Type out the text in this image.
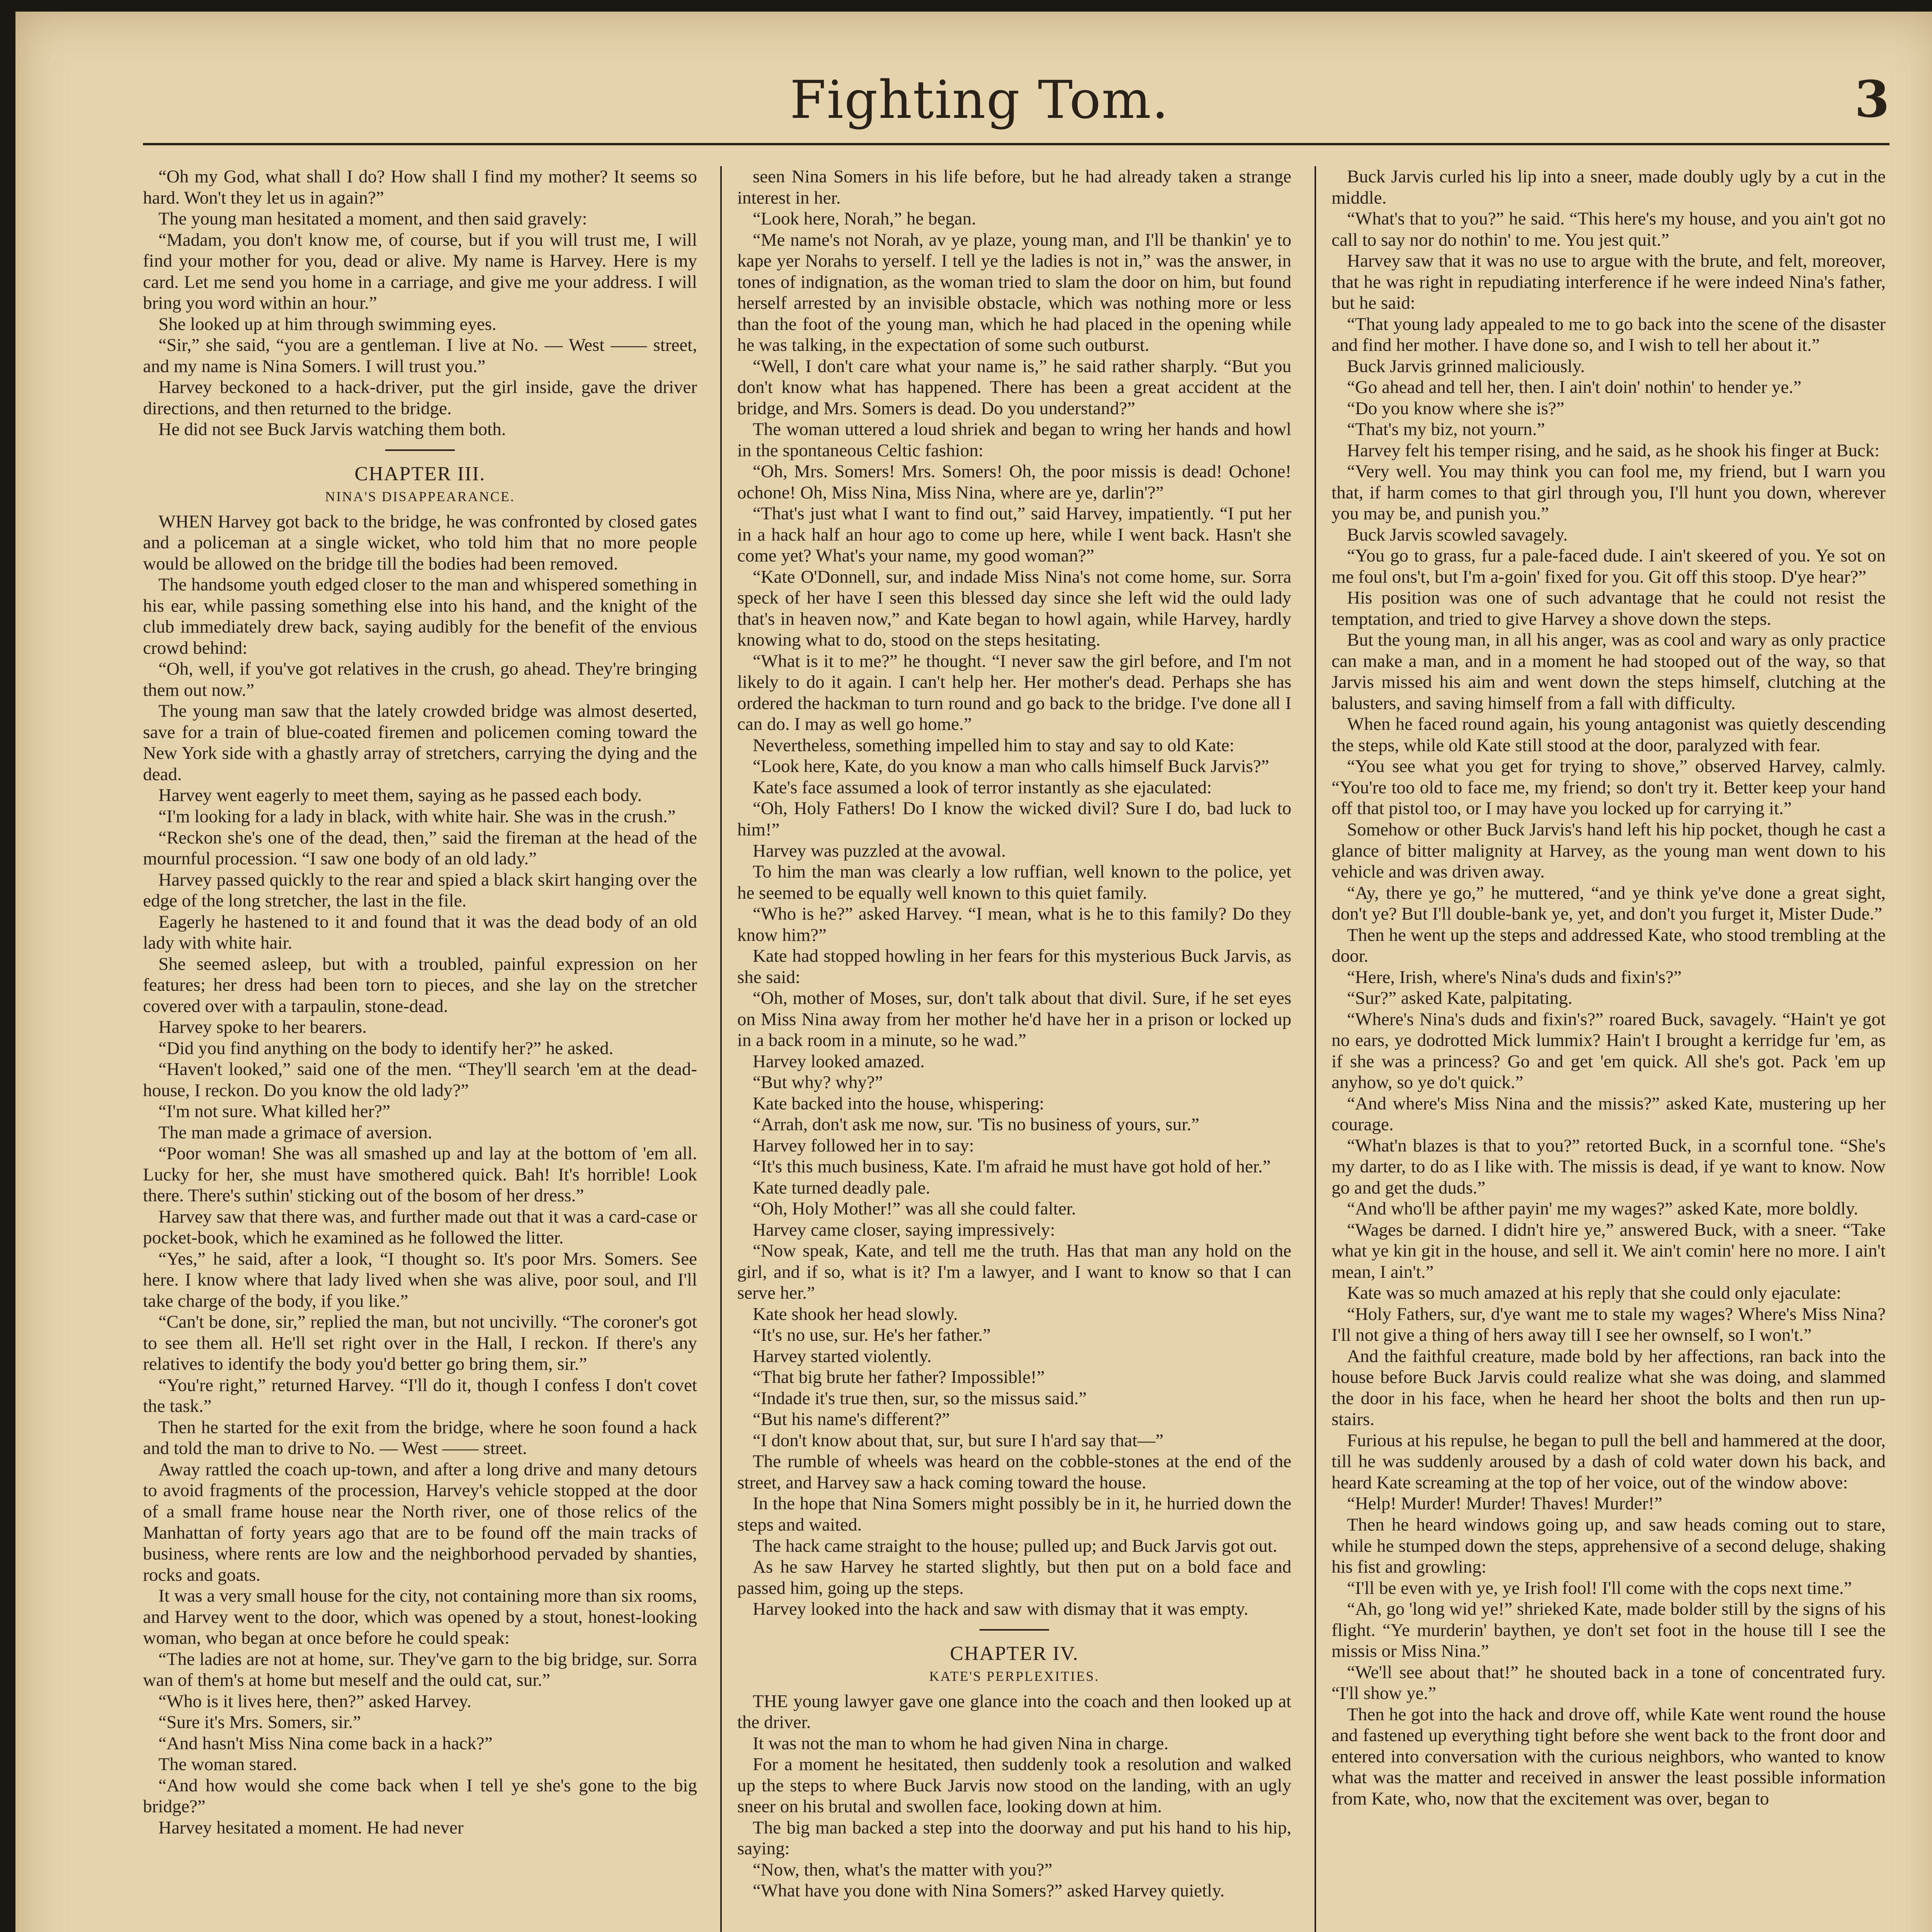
Fighting Tom.	3

“Oh my God, what shall I do? How shall I find my mother? It seems so hard. Won't they let us in again?”

The young man hesitated a moment, and then said gravely:

“Madam, you don't know me, of course, but if you will trust me, I will find your mother for you, dead or alive. My name is Harvey. Here is my card. Let me send you home in a carriage, and give me your address. I will bring you word within an hour.”

She looked up at him through swimming eyes.

“Sir,” she said, “you are a gentleman. I live at No. — West —— street, and my name is Nina Somers. I will trust you.”

Harvey beckoned to a hack-driver, put the girl inside, gave the driver directions, and then returned to the bridge.

He did not see Buck Jarvis watching them both.

CHAPTER III.
NINA'S DISAPPEARANCE.

WHEN Harvey got back to the bridge, he was confronted by closed gates and a policeman at a single wicket, who told him that no more people would be allowed on the bridge till the bodies had been removed.

The handsome youth edged closer to the man and whispered something in his ear, while passing something else into his hand, and the knight of the club immediately drew back, saying audibly for the benefit of the envious crowd behind:

“Oh, well, if you've got relatives in the crush, go ahead. They're bringing them out now.”

The young man saw that the lately crowded bridge was almost deserted, save for a train of blue-coated firemen and policemen coming toward the New York side with a ghastly array of stretchers, carrying the dying and the dead.

Harvey went eagerly to meet them, saying as he passed each body.

“I'm looking for a lady in black, with white hair. She was in the crush.”

“Reckon she's one of the dead, then,” said the fireman at the head of the mournful procession. “I saw one body of an old lady.”

Harvey passed quickly to the rear and spied a black skirt hanging over the edge of the long stretcher, the last in the file.

Eagerly he hastened to it and found that it was the dead body of an old lady with white hair.

She seemed asleep, but with a troubled, painful expression on her features; her dress had been torn to pieces, and she lay on the stretcher covered over with a tarpaulin, stone-dead.

Harvey spoke to her bearers.

“Did you find anything on the body to identify her?” he asked.

“Haven't looked,” said one of the men. “They'll search 'em at the dead-house, I reckon. Do you know the old lady?”

“I'm not sure. What killed her?”

The man made a grimace of aversion.

“Poor woman! She was all smashed up and lay at the bottom of 'em all. Lucky for her, she must have smothered quick. Bah! It's horrible! Look there. There's suthin' sticking out of the bosom of her dress.”

Harvey saw that there was, and further made out that it was a card-case or pocket-book, which he examined as he followed the litter.

“Yes,” he said, after a look, “I thought so. It's poor Mrs. Somers. See here. I know where that lady lived when she was alive, poor soul, and I'll take charge of the body, if you like.”

“Can't be done, sir,” replied the man, but not uncivilly. “The coroner's got to see them all. He'll set right over in the Hall, I reckon. If there's any relatives to identify the body you'd better go bring them, sir.”

“You're right,” returned Harvey. “I'll do it, though I confess I don't covet the task.”

Then he started for the exit from the bridge, where he soon found a hack and told the man to drive to No. — West —— street.

Away rattled the coach up-town, and after a long drive and many detours to avoid fragments of the procession, Harvey's vehicle stopped at the door of a small frame house near the North river, one of those relics of the Manhattan of forty years ago that are to be found off the main tracks of business, where rents are low and the neighborhood pervaded by shanties, rocks and goats.

It was a very small house for the city, not containing more than six rooms, and Harvey went to the door, which was opened by a stout, honest-looking woman, who began at once before he could speak:

“The ladies are not at home, sur. They've garn to the big bridge, sur. Sorra wan of them's at home but meself and the ould cat, sur.”

“Who is it lives here, then?” asked Harvey.

“Sure it's Mrs. Somers, sir.”

“And hasn't Miss Nina come back in a hack?”

The woman stared.

“And how would she come back when I tell ye she's gone to the big bridge?”

Harvey hesitated a moment. He had never

seen Nina Somers in his life before, but he had already taken a strange interest in her.

“Look here, Norah,” he began.

“Me name's not Norah, av ye plaze, young man, and I'll be thankin' ye to kape yer Norahs to yerself. I tell ye the ladies is not in,” was the answer, in tones of indignation, as the woman tried to slam the door on him, but found herself arrested by an invisible obstacle, which was nothing more or less than the foot of the young man, which he had placed in the opening while he was talking, in the expectation of some such outburst.

“Well, I don't care what your name is,” he said rather sharply. “But you don't know what has happened. There has been a great accident at the bridge, and Mrs. Somers is dead. Do you understand?”

The woman uttered a loud shriek and began to wring her hands and howl in the spontaneous Celtic fashion:

“Oh, Mrs. Somers! Mrs. Somers! Oh, the poor missis is dead! Ochone! ochone! Oh, Miss Nina, Miss Nina, where are ye, darlin'?”

“That's just what I want to find out,” said Harvey, impatiently. “I put her in a hack half an hour ago to come up here, while I went back. Hasn't she come yet? What's your name, my good woman?”

“Kate O'Donnell, sur, and indade Miss Nina's not come home, sur. Sorra speck of her have I seen this blessed day since she left wid the ould lady that's in heaven now,” and Kate began to howl again, while Harvey, hardly knowing what to do, stood on the steps hesitating.

“What is it to me?” he thought. “I never saw the girl before, and I'm not likely to do it again. I can't help her. Her mother's dead. Perhaps she has ordered the hackman to turn round and go back to the bridge. I've done all I can do. I may as well go home.”

Nevertheless, something impelled him to stay and say to old Kate:

“Look here, Kate, do you know a man who calls himself Buck Jarvis?”

Kate's face assumed a look of terror instantly as she ejaculated:

“Oh, Holy Fathers! Do I know the wicked divil? Sure I do, bad luck to him!”

Harvey was puzzled at the avowal.

To him the man was clearly a low ruffian, well known to the police, yet he seemed to be equally well known to this quiet family.

“Who is he?” asked Harvey. “I mean, what is he to this family? Do they know him?”

Kate had stopped howling in her fears for this mysterious Buck Jarvis, as she said:

“Oh, mother of Moses, sur, don't talk about that divil. Sure, if he set eyes on Miss Nina away from her mother he'd have her in a prison or locked up in a back room in a minute, so he wad.”

Harvey looked amazed.

“But why? why?”

Kate backed into the house, whispering:

“Arrah, don't ask me now, sur. 'Tis no business of yours, sur.”

Harvey followed her in to say:

“It's this much business, Kate. I'm afraid he must have got hold of her.”

Kate turned deadly pale.

“Oh, Holy Mother!” was all she could falter.

Harvey came closer, saying impressively:

“Now speak, Kate, and tell me the truth. Has that man any hold on the girl, and if so, what is it? I'm a lawyer, and I want to know so that I can serve her.”

Kate shook her head slowly.

“It's no use, sur. He's her father.”

Harvey started violently.

“That big brute her father? Impossible!”

“Indade it's true then, sur, so the missus said.”

“But his name's different?”

“I don't know about that, sur, but sure I h'ard say that—”

The rumble of wheels was heard on the cobble-stones at the end of the street, and Harvey saw a hack coming toward the house.

In the hope that Nina Somers might possibly be in it, he hurried down the steps and waited.

The hack came straight to the house; pulled up; and Buck Jarvis got out.

As he saw Harvey he started slightly, but then put on a bold face and passed him, going up the steps.

Harvey looked into the hack and saw with dismay that it was empty.

CHAPTER IV.
KATE'S PERPLEXITIES.

THE young lawyer gave one glance into the coach and then looked up at the driver.

It was not the man to whom he had given Nina in charge.

For a moment he hesitated, then suddenly took a resolution and walked up the steps to where Buck Jarvis now stood on the landing, with an ugly sneer on his brutal and swollen face, looking down at him.

The big man backed a step into the doorway and put his hand to his hip, saying:

“Now, then, what's the matter with you?”

“What have you done with Nina Somers?” asked Harvey quietly.

Buck Jarvis curled his lip into a sneer, made doubly ugly by a cut in the middle.

“What's that to you?” he said. “This here's my house, and you ain't got no call to say nor do nothin' to me. You jest quit.”

Harvey saw that it was no use to argue with the brute, and felt, moreover, that he was right in repudiating interference if he were indeed Nina's father, but he said:

“That young lady appealed to me to go back into the scene of the disaster and find her mother. I have done so, and I wish to tell her about it.”

Buck Jarvis grinned maliciously.

“Go ahead and tell her, then. I ain't doin' nothin' to hender ye.”

“Do you know where she is?”

“That's my biz, not yourn.”

Harvey felt his temper rising, and he said, as he shook his finger at Buck:

“Very well. You may think you can fool me, my friend, but I warn you that, if harm comes to that girl through you, I'll hunt you down, wherever you may be, and punish you.”

Buck Jarvis scowled savagely.

“You go to grass, fur a pale-faced dude. I ain't skeered of you. Ye sot on me foul ons't, but I'm a-goin' fixed for you. Git off this stoop. D'ye hear?”

His position was one of such advantage that he could not resist the temptation, and tried to give Harvey a shove down the steps.

But the young man, in all his anger, was as cool and wary as only practice can make a man, and in a moment he had stooped out of the way, so that Jarvis missed his aim and went down the steps himself, clutching at the balusters, and saving himself from a fall with difficulty.

When he faced round again, his young antagonist was quietly descending the steps, while old Kate still stood at the door, paralyzed with fear.

“You see what you get for trying to shove,” observed Harvey, calmly. “You're too old to face me, my friend; so don't try it. Better keep your hand off that pistol too, or I may have you locked up for carrying it.”

Somehow or other Buck Jarvis's hand left his hip pocket, though he cast a glance of bitter malignity at Harvey, as the young man went down to his vehicle and was driven away.

“Ay, there ye go,” he muttered, “and ye think ye've done a great sight, don't ye? But I'll double-bank ye, yet, and don't you furget it, Mister Dude.”

Then he went up the steps and addressed Kate, who stood trembling at the door.

“Here, Irish, where's Nina's duds and fixin's?”

“Sur?” asked Kate, palpitating.

“Where's Nina's duds and fixin's?” roared Buck, savagely. “Hain't ye got no ears, ye dodrotted Mick lummix? Hain't I brought a kerridge fur 'em, as if she was a princess? Go and get 'em quick. All she's got. Pack 'em up anyhow, so ye do't quick.”

“And where's Miss Nina and the missis?” asked Kate, mustering up her courage.

“What'n blazes is that to you?” retorted Buck, in a scornful tone. “She's my darter, to do as I like with. The missis is dead, if ye want to know. Now go and get the duds.”

“And who'll be afther payin' me my wages?” asked Kate, more boldly.

“Wages be darned. I didn't hire ye,” answered Buck, with a sneer. “Take what ye kin git in the house, and sell it. We ain't comin' here no more. I ain't mean, I ain't.”

Kate was so much amazed at his reply that she could only ejaculate:

“Holy Fathers, sur, d'ye want me to stale my wages? Where's Miss Nina? I'll not give a thing of hers away till I see her ownself, so I won't.”

And the faithful creature, made bold by her affections, ran back into the house before Buck Jarvis could realize what she was doing, and slammed the door in his face, when he heard her shoot the bolts and then run up-stairs.

Furious at his repulse, he began to pull the bell and hammered at the door, till he was suddenly aroused by a dash of cold water down his back, and heard Kate screaming at the top of her voice, out of the window above:

“Help! Murder! Murder! Thaves! Murder!”

Then he heard windows going up, and saw heads coming out to stare, while he stumped down the steps, apprehensive of a second deluge, shaking his fist and growling:

“I'll be even with ye, ye Irish fool! I'll come with the cops next time.”

“Ah, go 'long wid ye!” shrieked Kate, made bolder still by the signs of his flight. “Ye murderin' baythen, ye don't set foot in the house till I see the missis or Miss Nina.”

“We'll see about that!” he shouted back in a tone of concentrated fury. “I'll show ye.”

Then he got into the hack and drove off, while Kate went round the house and fastened up everything tight before she went back to the front door and entered into conversation with the curious neighbors, who wanted to know what was the matter and received in answer the least possible information from Kate, who, now that the excitement was over, began to
